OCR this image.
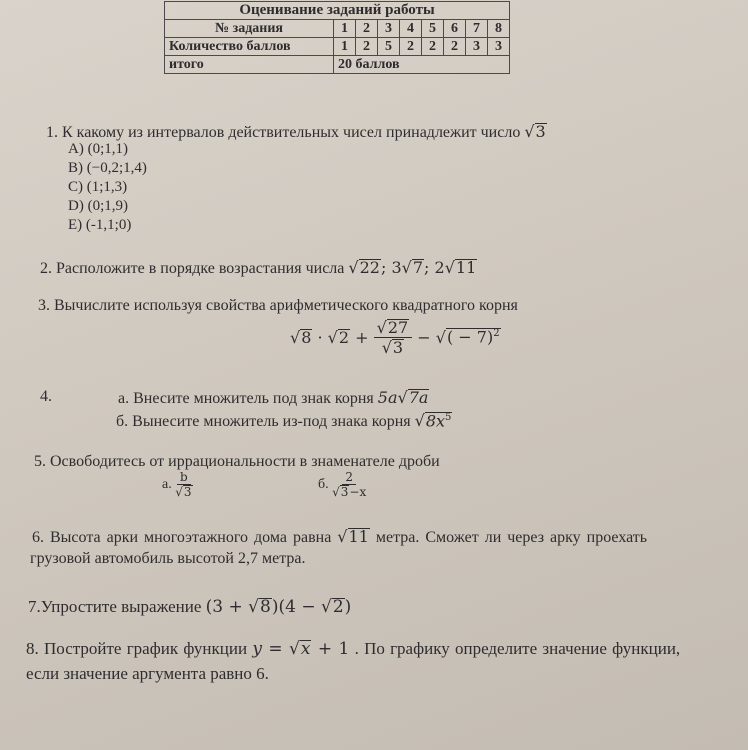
Оценивание заданий работы								
№ задания	1	2	3	4	5	6	7	8
Количество баллов	1	2	5	2	2	2	3	3
итого	20 баллов							
1. К какому из интервалов действительных чисел принадлежит число √3
A) (0;1,1)
B) (−0,2;1,4)
C) (1;1,3)
D) (0;1,9)
E) (-1,1;0)
2. Расположите в порядке возрастания числа √22; 3√7; 2√11
3. Вычислите используя свойства арифметического квадратного корня
√ 8 · √ $2 + \frac{√27}{√3}$ − √ ( − 7)$^2$
4.	а. Внесите множитель под знак корня 5a√7a
б. Вынесите множитель из-под знака корня $√8x^5$
5. Освободитесь от иррациональности в знаменателе дроби
а.
$\frac{b}{√3}$	б.
$\frac{2}{√3-x}$
6. Высота арки многоэтажного дома равна √11 метра. Сможет ли через арку проехать
грузовой автомобиль высотой 2,7 метра.
7.Упростите выражение (3 + √8)(4 − √2)
8. Постройте график функции y = √x + 1 . По графику определите значение функции,
если значение аргумента равно 6.
